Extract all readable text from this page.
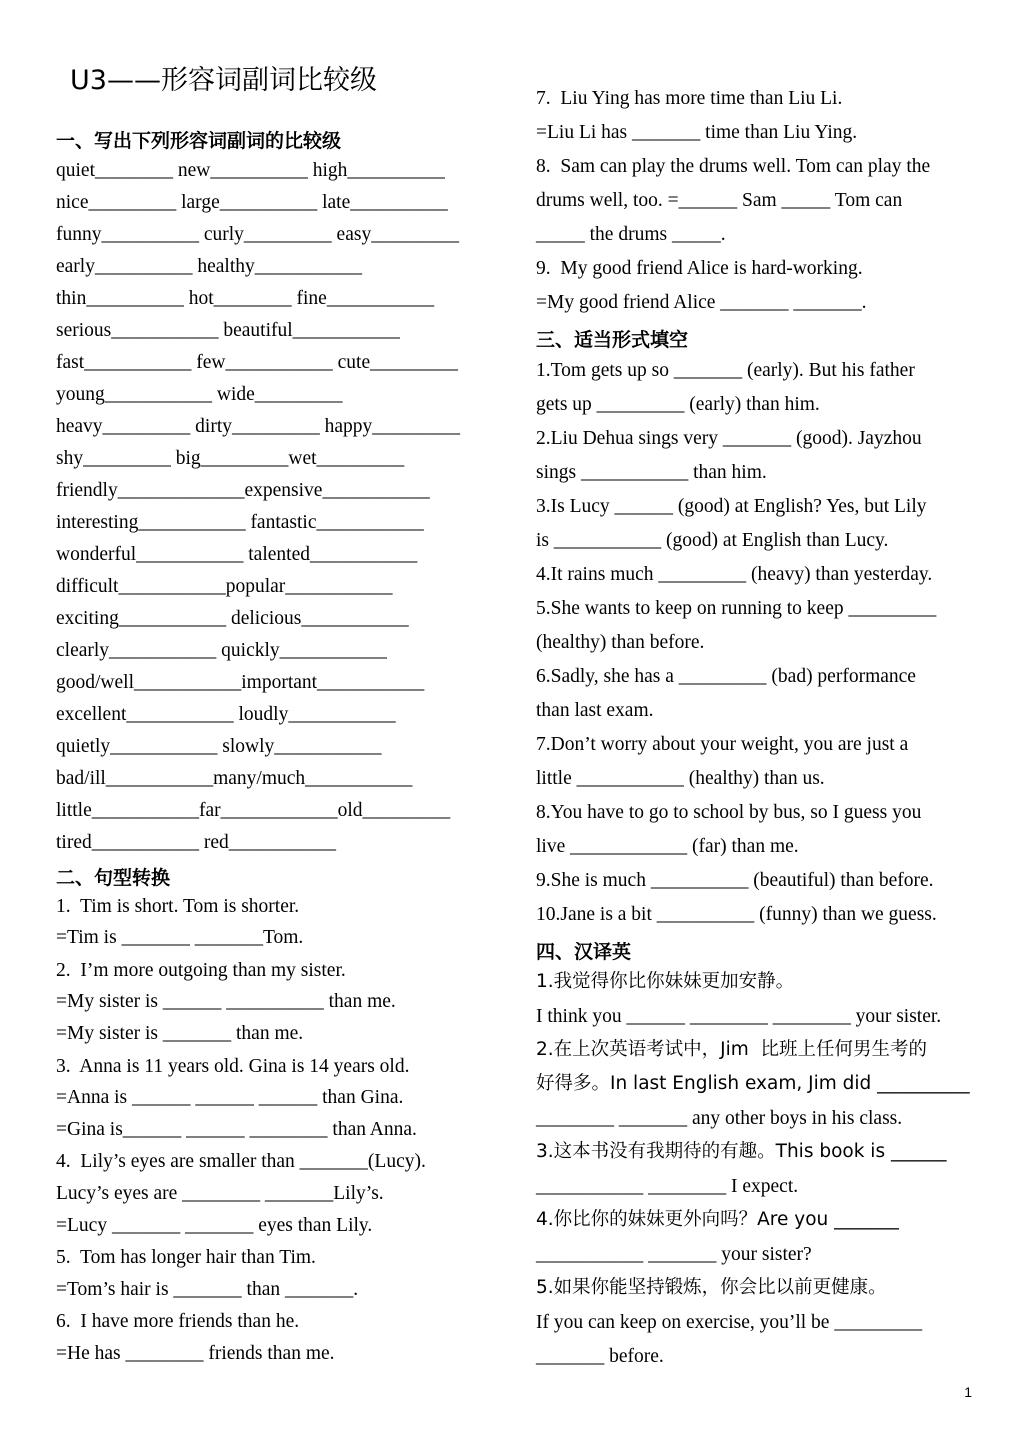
U3——形容词副词比较级
一、写出下列形容词副词的比较级
quiet________ new__________ high__________
nice_________ large__________ late__________
funny__________ curly_________ easy_________
early__________ healthy___________
thin__________ hot________ fine___________
serious___________ beautiful___________
fast___________ few___________ cute_________
young___________ wide_________
heavy_________ dirty_________ happy_________
shy_________ big_________wet_________
friendly_____________expensive___________
interesting___________ fantastic___________
wonderful___________ talented___________
difficult___________popular___________
exciting___________ delicious___________
clearly___________ quickly___________
good/well___________important___________
excellent___________ loudly___________
quietly___________ slowly___________
bad/ill___________many/much___________
little___________far____________old_________
tired___________ red___________
二、句型转换
1.  Tim is short. Tom is shorter.
=Tim is _______ _______Tom.
2.  I’m more outgoing than my sister.
=My sister is ______ __________ than me.
=My sister is _______ than me.
3.  Anna is 11 years old. Gina is 14 years old.
=Anna is ______ ______ ______ than Gina.
=Gina is______ ______ ________ than Anna.
4.  Lily’s eyes are smaller than _______(Lucy).
Lucy’s eyes are ________ _______Lily’s.
=Lucy _______ _______ eyes than Lily.
5.  Tom has longer hair than Tim.
=Tom’s hair is _______ than _______.
6.  I have more friends than he.
=He has ________ friends than me.
7.  Liu Ying has more time than Liu Li.
=Liu Li has _______ time than Liu Ying.
8.  Sam can play the drums well. Tom can play the
drums well, too. =______ Sam _____ Tom can
_____ the drums _____.
9.  My good friend Alice is hard-working.
=My good friend Alice _______ _______.
三、适当形式填空
1.Tom gets up so _______ (early). But his father
gets up _________ (early) than him.
2.Liu Dehua sings very _______ (good). Jayzhou
sings ___________ than him.
3.Is Lucy ______ (good) at English? Yes, but Lily
is ___________ (good) at English than Lucy.
4.It rains much _________ (heavy) than yesterday.
5.She wants to keep on running to keep _________
(healthy) than before.
6.Sadly, she has a _________ (bad) performance
than last exam.
7.Don’t worry about your weight, you are just a
little ___________ (healthy) than us.
8.You have to go to school by bus, so I guess you
live ____________ (far) than me.
9.She is much __________ (beautiful) than before.
10.Jane is a bit __________ (funny) than we guess.
四、汉译英
1.我觉得你比你妹妹更加安静。
I think you ______ ________ ________ your sister.
2.在上次英语考试中，Jim  比班上任何男生考的
好得多。In last English exam, Jim did __________
________ _______ any other boys in his class.
3.这本书没有我期待的有趣。This book is ______
___________ ________ I expect.
4.你比你的妹妹更外向吗？Are you _______
___________ _______ your sister?
5.如果你能坚持锻炼，你会比以前更健康。
If you can keep on exercise, you’ll be _________
_______ before.
1
